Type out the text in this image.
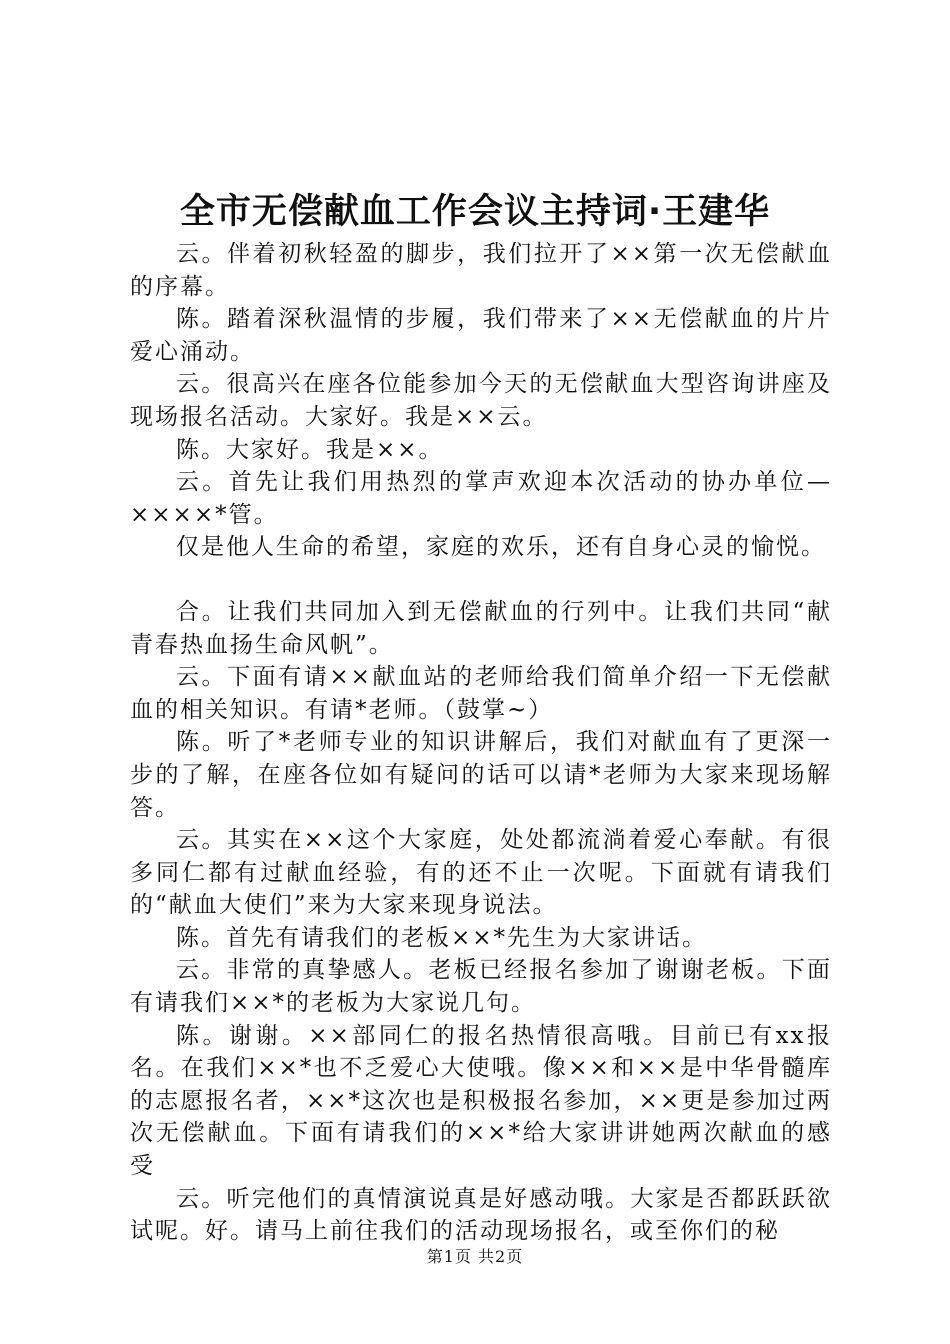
全市无偿献血工作会议主持词·王建华

云。伴着初秋轻盈的脚步，我们拉开了××第一次无偿献血的序幕。

陈。踏着深秋温情的步履，我们带来了××无偿献血的片片爱心涌动。

云。很高兴在座各位能参加今天的无偿献血大型咨询讲座及现场报名活动。大家好。我是××云。

陈。大家好。我是××。

云。首先让我们用热烈的掌声欢迎本次活动的协办单位—××××*管。

仅是他人生命的希望，家庭的欢乐，还有自身心灵的愉悦。

合。让我们共同加入到无偿献血的行列中。让我们共同“献青春热血扬生命风帆”。

云。下面有请××献血站的老师给我们简单介绍一下无偿献血的相关知识。有请*老师。（鼓掌~）

陈。听了*老师专业的知识讲解后，我们对献血有了更深一步的了解，在座各位如有疑问的话可以请*老师为大家来现场解答。

云。其实在××这个大家庭，处处都流淌着爱心奉献。有很多同仁都有过献血经验，有的还不止一次呢。下面就有请我们的“献血大使们”来为大家来现身说法。

陈。首先有请我们的老板××*先生为大家讲话。

云。非常的真挚感人。老板已经报名参加了谢谢老板。下面有请我们××*的老板为大家说几句。

陈。谢谢。××部同仁的报名热情很高哦。目前已有xx报名。在我们××*也不乏爱心大使哦。像××和××是中华骨髓库的志愿报名者，××*这次也是积极报名参加，××更是参加过两次无偿献血。下面有请我们的××*给大家讲讲她两次献血的感受

云。听完他们的真情演说真是好感动哦。大家是否都跃跃欲试呢。好。请马上前往我们的活动现场报名，或至你们的秘

第1页 共2页
